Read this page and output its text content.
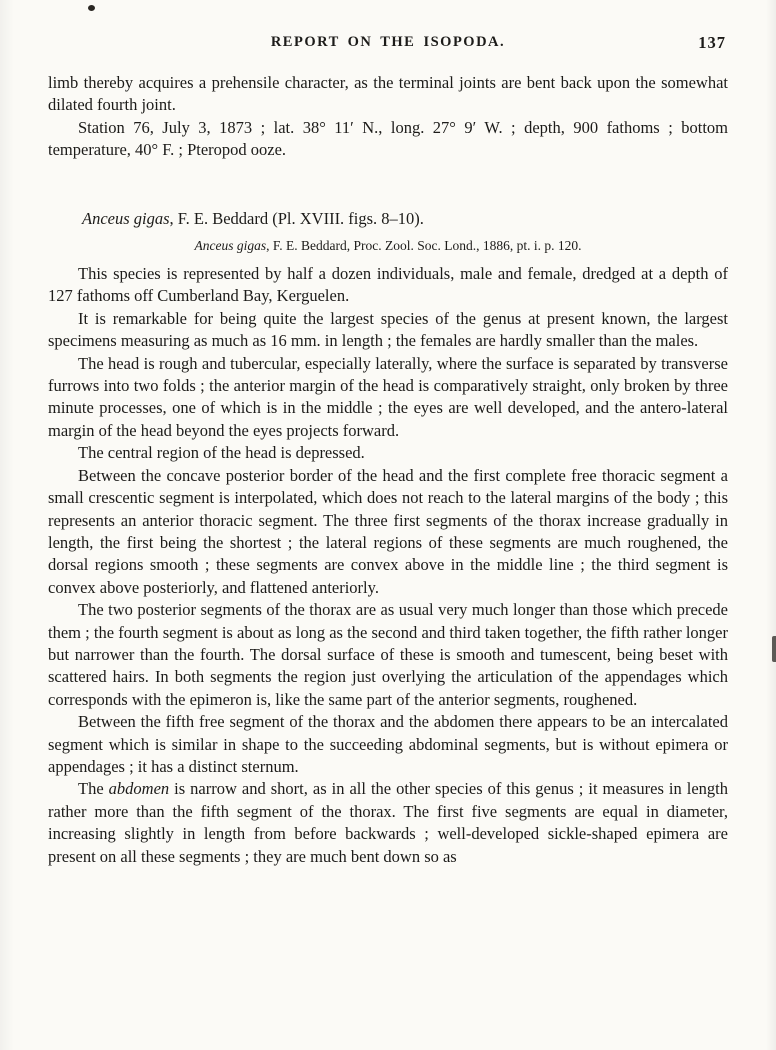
REPORT ON THE ISOPODA.	137

limb thereby acquires a prehensile character, as the terminal joints are bent back upon the somewhat dilated fourth joint.

Station 76, July 3, 1873 ; lat. 38° 11′ N., long. 27° 9′ W. ; depth, 900 fathoms ; bottom temperature, 40° F. ; Pteropod ooze.

Anceus gigas, F. E. Beddard (Pl. XVIII. figs. 8–10).

Anceus gigas, F. E. Beddard, Proc. Zool. Soc. Lond., 1886, pt. i. p. 120.

This species is represented by half a dozen individuals, male and female, dredged at a depth of 127 fathoms off Cumberland Bay, Kerguelen.

It is remarkable for being quite the largest species of the genus at present known, the largest specimens measuring as much as 16 mm. in length ; the females are hardly smaller than the males.

The head is rough and tubercular, especially laterally, where the surface is separated by transverse furrows into two folds ; the anterior margin of the head is comparatively straight, only broken by three minute processes, one of which is in the middle ; the eyes are well developed, and the antero-lateral margin of the head beyond the eyes projects forward.

The central region of the head is depressed.

Between the concave posterior border of the head and the first complete free thoracic segment a small crescentic segment is interpolated, which does not reach to the lateral margins of the body ; this represents an anterior thoracic segment. The three first segments of the thorax increase gradually in length, the first being the shortest ; the lateral regions of these segments are much roughened, the dorsal regions smooth ; these segments are convex above in the middle line ; the third segment is convex above posteriorly, and flattened anteriorly.

The two posterior segments of the thorax are as usual very much longer than those which precede them ; the fourth segment is about as long as the second and third taken together, the fifth rather longer but narrower than the fourth. The dorsal surface of these is smooth and tumescent, being beset with scattered hairs. In both segments the region just overlying the articulation of the appendages which corresponds with the epimeron is, like the same part of the anterior segments, roughened.

Between the fifth free segment of the thorax and the abdomen there appears to be an intercalated segment which is similar in shape to the succeeding abdominal segments, but is without epimera or appendages ; it has a distinct sternum.

The abdomen is narrow and short, as in all the other species of this genus ; it measures in length rather more than the fifth segment of the thorax. The first five segments are equal in diameter, increasing slightly in length from before backwards ; well-developed sickle-shaped epimera are present on all these segments ; they are much bent down so as
